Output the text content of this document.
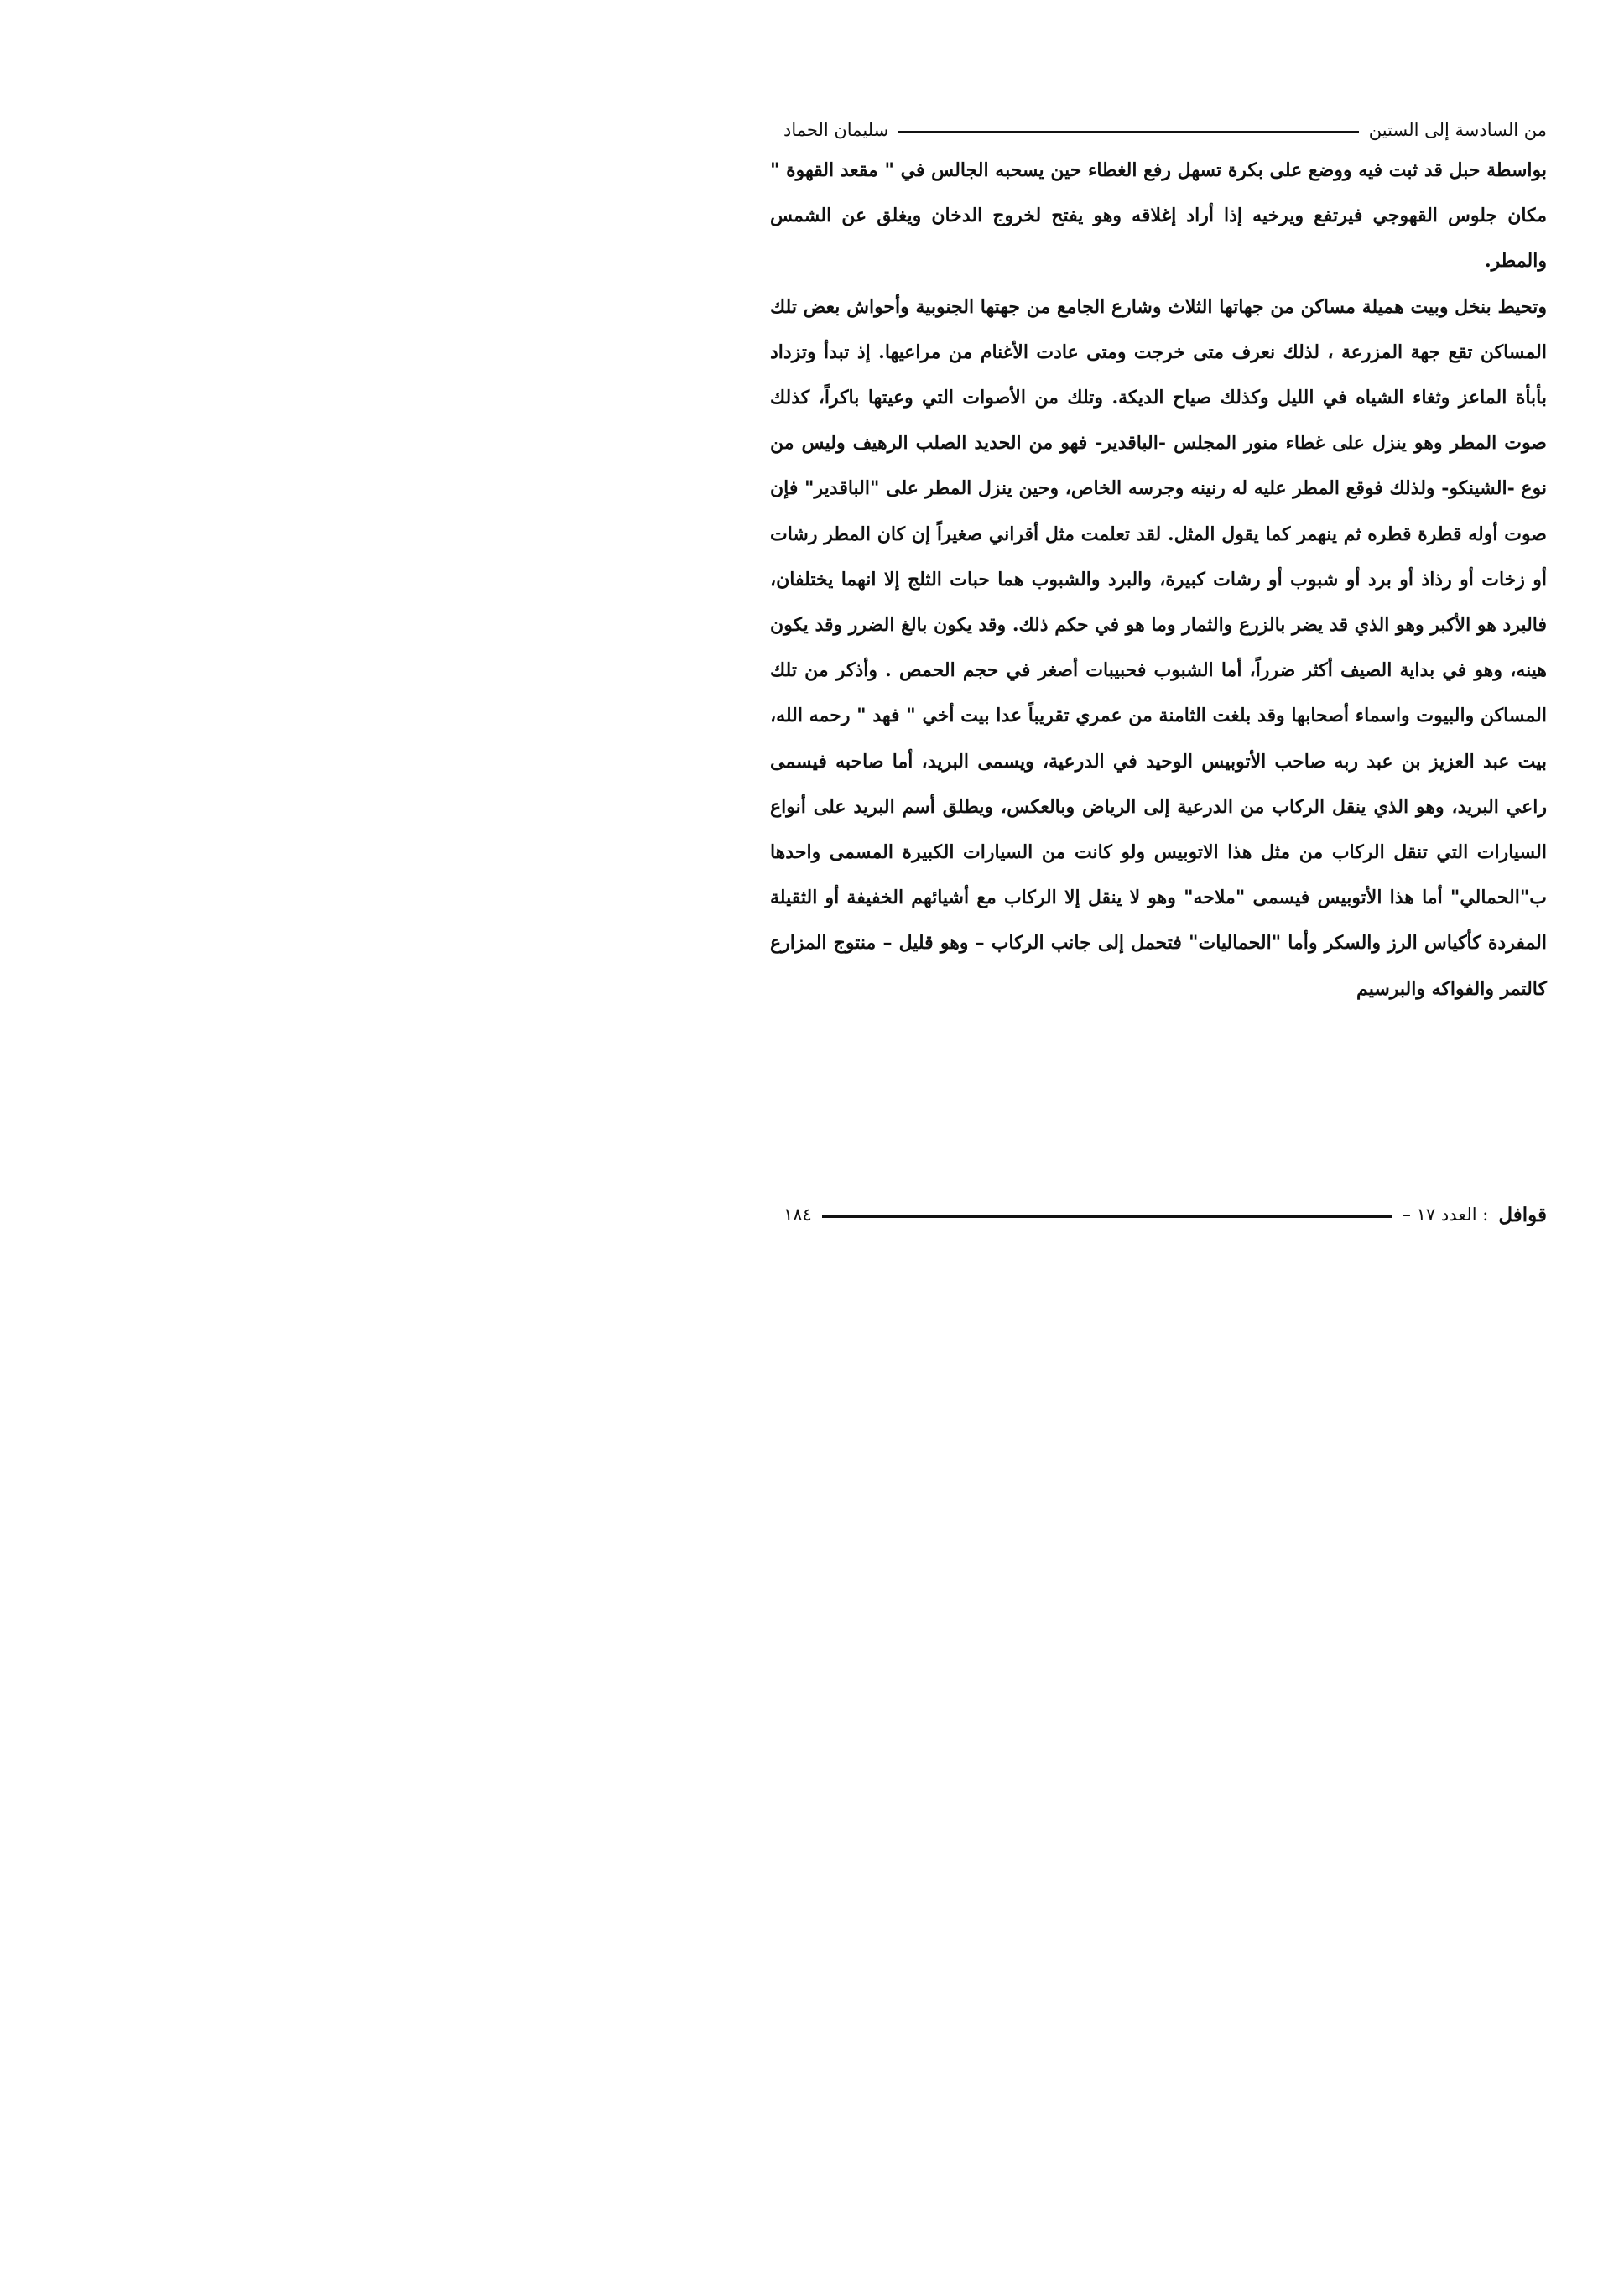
من السادسة إلى الستين
سليمان الحماد

بواسطة حبل قد ثبت فيه ووضع على بكرة تسهل رفع الغطاء حين يسحبه الجالس في " مقعد القهوة " مكان جلوس القهوجي فيرتفع ويرخيه إذا أراد إغلاقه وهو يفتح لخروج الدخان ويغلق عن الشمس والمطر.

وتحيط بنخل وبيت هميلة مساكن من جهاتها الثلاث وشارع الجامع من جهتها الجنوبية وأحواش بعض تلك المساكن تقع جهة المزرعة ، لذلك نعرف متى خرجت ومتى عادت الأغنام من مراعيها. إذ تبدأ وتزداد بأبأة الماعز وثغاء الشياه في الليل وكذلك صياح الديكة. وتلك من الأصوات التي وعيتها باكراً، كذلك صوت المطر وهو ينزل على غطاء منور المجلس -الباقدير- فهو من الحديد الصلب الرهيف وليس من نوع -الشينكو- ولذلك فوقع المطر عليه له رنينه وجرسه الخاص، وحين ينزل المطر على "الباقدير" فإن صوت أوله قطرة قطره ثم ينهمر كما يقول المثل. لقد تعلمت مثل أقراني صغيراً إن كان المطر رشات أو زخات أو رذاذ أو برد أو شبوب أو رشات كبيرة، والبرد والشبوب هما حبات الثلج إلا انهما يختلفان، فالبرد هو الأكبر وهو الذي قد يضر بالزرع والثمار وما هو في حكم ذلك. وقد يكون بالغ الضرر وقد يكون هينه، وهو في بداية الصيف أكثر ضرراً، أما الشبوب فحبيبات أصغر في حجم الحمص . وأذكر من تلك المساكن والبيوت واسماء أصحابها وقد بلغت الثامنة من عمري تقريباً عدا بيت أخي " فهد " رحمه الله، بيت عبد العزيز بن عبد ربه صاحب الأتوبيس الوحيد في الدرعية، ويسمى البريد، أما صاحبه فيسمى راعي البريد، وهو الذي ينقل الركاب من الدرعية إلى الرياض وبالعكس، ويطلق أسم البريد على أنواع السيارات التي تنقل الركاب من مثل هذا الاتوبيس ولو كانت من السيارات الكبيرة المسمى واحدها ب"الحمالي" أما هذا الأتوبيس فيسمى "ملاحه" وهو لا ينقل إلا الركاب مع أشيائهم الخفيفة أو الثقيلة المفردة كأكياس الرز والسكر وأما "الحماليات" فتحمل إلى جانب الركاب – وهو قليل – منتوج المزارع كالتمر والفواكه والبرسيم

قوافل
: العدد ١٧ –
١٨٤
